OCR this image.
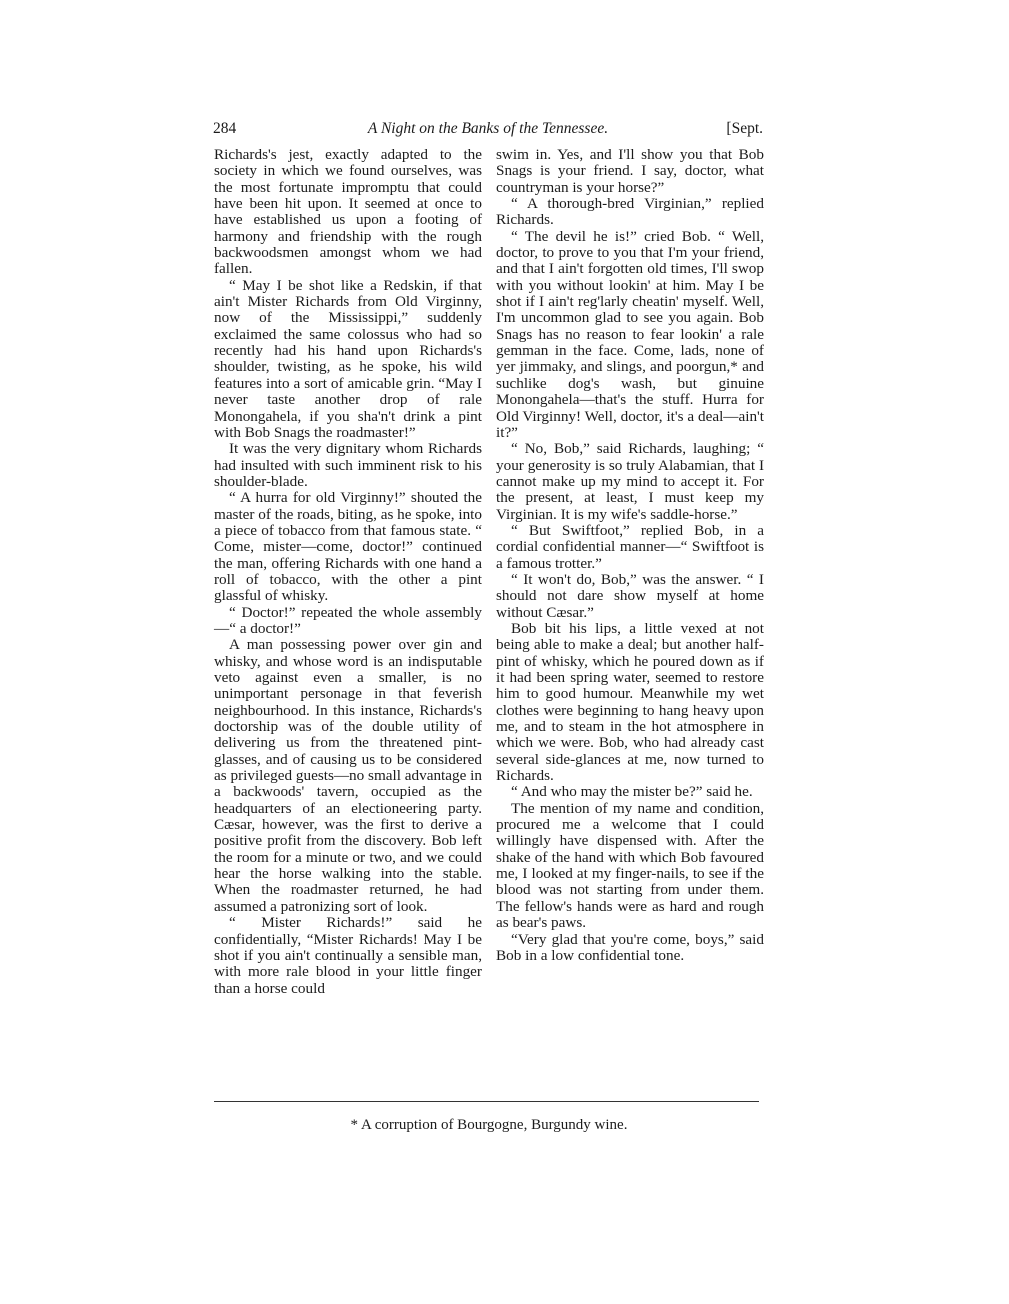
284	A Night on the Banks of the Tennessee.	[Sept.

Richards's jest, exactly adapted to the society in which we found ourselves, was the most fortunate impromptu that could have been hit upon. It seemed at once to have established us upon a footing of harmony and friendship with the rough backwoodsmen amongst whom we had fallen.

“ May I be shot like a Redskin, if that ain't Mister Richards from Old Virginny, now of the Mississippi,” suddenly exclaimed the same colossus who had so recently had his hand upon Richards's shoulder, twisting, as he spoke, his wild features into a sort of amicable grin. “May I never taste another drop of rale Monongahela, if you sha'n't drink a pint with Bob Snags the roadmaster!”

It was the very dignitary whom Richards had insulted with such imminent risk to his shoulder-blade.

“ A hurra for old Virginny!” shouted the master of the roads, biting, as he spoke, into a piece of tobacco from that famous state. “ Come, mister—come, doctor!” continued the man, offering Richards with one hand a roll of tobacco, with the other a pint glassful of whisky.

“ Doctor!” repeated the whole assembly—“ a doctor!”

A man possessing power over gin and whisky, and whose word is an indisputable veto against even a smaller, is no unimportant personage in that feverish neighbourhood. In this instance, Richards's doctorship was of the double utility of delivering us from the threatened pint-glasses, and of causing us to be considered as privileged guests—no small advantage in a backwoods' tavern, occupied as the headquarters of an electioneering party. Cæsar, however, was the first to derive a positive profit from the discovery. Bob left the room for a minute or two, and we could hear the horse walking into the stable. When the roadmaster returned, he had assumed a patronizing sort of look.

“ Mister Richards!” said he confidentially, “Mister Richards! May I be shot if you ain't continually a sensible man, with more rale blood in your little finger than a horse could

swim in. Yes, and I'll show you that Bob Snags is your friend. I say, doctor, what countryman is your horse?”

“ A thorough-bred Virginian,” replied Richards.

“ The devil he is!” cried Bob. “ Well, doctor, to prove to you that I'm your friend, and that I ain't forgotten old times, I'll swop with you without lookin' at him. May I be shot if I ain't reg'larly cheatin' myself. Well, I'm uncommon glad to see you again. Bob Snags has no reason to fear lookin' a rale gemman in the face. Come, lads, none of yer jimmaky, and slings, and poorgun,* and suchlike dog's wash, but ginuine Monongahela—that's the stuff. Hurra for Old Virginny! Well, doctor, it's a deal—ain't it?”

“ No, Bob,” said Richards, laughing; “ your generosity is so truly Alabamian, that I cannot make up my mind to accept it. For the present, at least, I must keep my Virginian. It is my wife's saddle-horse.”

“ But Swiftfoot,” replied Bob, in a cordial confidential manner—“ Swiftfoot is a famous trotter.”

“ It won't do, Bob,” was the answer. “ I should not dare show myself at home without Cæsar.”

Bob bit his lips, a little vexed at not being able to make a deal; but another half-pint of whisky, which he poured down as if it had been spring water, seemed to restore him to good humour. Meanwhile my wet clothes were beginning to hang heavy upon me, and to steam in the hot atmosphere in which we were. Bob, who had already cast several side-glances at me, now turned to Richards.

“ And who may the mister be?” said he.

The mention of my name and condition, procured me a welcome that I could willingly have dispensed with. After the shake of the hand with which Bob favoured me, I looked at my finger-nails, to see if the blood was not starting from under them. The fellow's hands were as hard and rough as bear's paws.

“Very glad that you're come, boys,” said Bob in a low confidential tone.

* A corruption of Bourgogne, Burgundy wine.
